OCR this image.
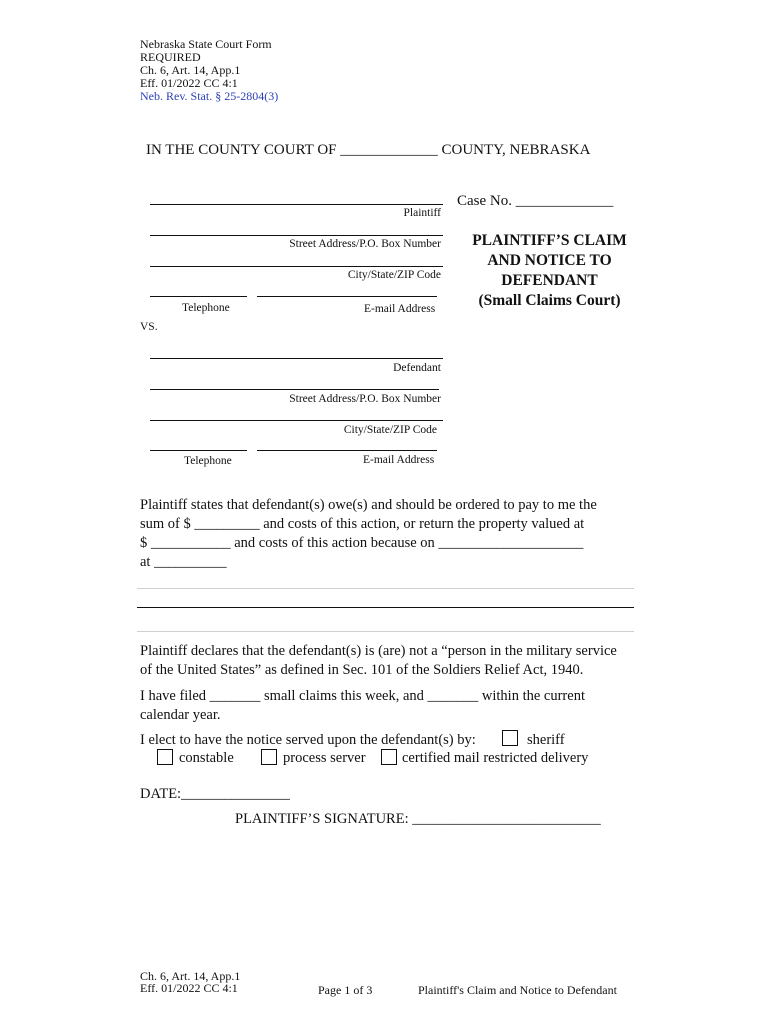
Nebraska State Court Form
REQUIRED
Ch. 6, Art. 14, App.1
Eff. 01/2022 CC 4:1
Neb. Rev. Stat. § 25-2804(3)
IN THE COUNTY COURT OF _____________ COUNTY, NEBRASKA
Plaintiff
Street Address/P.O. Box Number
City/State/ZIP Code
Telephone	E-mail Address
VS.
Case No. _____________
PLAINTIFF’S CLAIM
AND NOTICE TO
DEFENDANT
(Small Claims Court)
Defendant
Street Address/P.O. Box Number
City/State/ZIP Code
Telephone	E-mail Address
Plaintiff states that defendant(s) owe(s) and should be ordered to pay to me the
sum of $ _________ and costs of this action, or return the property valued at
$ ___________ and costs of this action because on ____________________
at __________
Plaintiff declares that the defendant(s) is (are) not a “person in the military service
of the United States” as defined in Sec. 101 of the Soldiers Relief Act, 1940.
I have filed _______ small claims this week, and _______ within the current
calendar year.
I elect to have the notice served upon the defendant(s) by:	sheriff
constable	process server	certified mail restricted delivery
DATE:_______________
PLAINTIFF’S SIGNATURE: __________________________
Ch. 6, Art. 14, App.1
Eff. 01/2022 CC 4:1	Page 1 of 3	Plaintiff's Claim and Notice to Defendant
